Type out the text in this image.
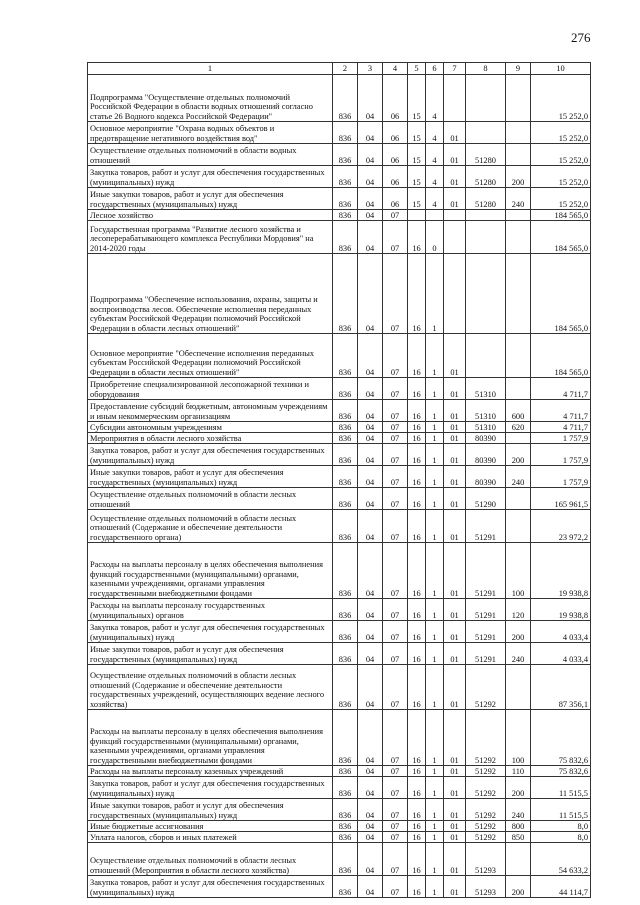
276
1	2	3	4	5	6	7	8	9	10
Подпрограмма "Осуществление отдельных полномочий Российской Федерации в области водных отношений согласно статье 26 Водного кодекса Российской Федерации"	836	04	06	15	4				15 252,0
Основное мероприятие "Охрана водных объектов и предотвращение негативного воздействия вод"	836	04	06	15	4	01			15 252,0
Осуществление отдельных полномочий в области водных отношений	836	04	06	15	4	01	51280		15 252,0
Закупка товаров, работ и услуг для обеспечения государственных (муниципальных) нужд	836	04	06	15	4	01	51280	200	15 252,0
Иные закупки товаров, работ и услуг для обеспечения государственных (муниципальных) нужд	836	04	06	15	4	01	51280	240	15 252,0
Лесное хозяйство	836	04	07						184 565,0
Государственная программа "Развитие лесного хозяйства и лесоперерабатывающего комплекса Республики Мордовия" на 2014-2020 годы	836	04	07	16	0				184 565,0
Подпрограмма "Обеспечение использования, охраны, защиты и воспроизводства лесов. Обеспечение исполнения переданных субъектам Российской Федерации полномочий Российской Федерации в области лесных отношений"	836	04	07	16	1				184 565,0
Основное мероприятие "Обеспечение исполнения переданных субъектам Российской Федерации полномочий Российской Федерации в области лесных отношений"	836	04	07	16	1	01			184 565,0
Приобретение специализированной лесопожарной техники и оборудования	836	04	07	16	1	01	51310		4 711,7
Предоставление субсидий бюджетным, автономным учреждениям и иным некоммерческим организациям	836	04	07	16	1	01	51310	600	4 711,7
Субсидии автономным учреждениям	836	04	07	16	1	01	51310	620	4 711,7
Мероприятия в области лесного хозяйства	836	04	07	16	1	01	80390		1 757,9
Закупка товаров, работ и услуг для обеспечения государственных (муниципальных) нужд	836	04	07	16	1	01	80390	200	1 757,9
Иные закупки товаров, работ и услуг для обеспечения государственных (муниципальных) нужд	836	04	07	16	1	01	80390	240	1 757,9
Осуществление отдельных полномочий в области лесных отношений	836	04	07	16	1	01	51290		165 961,5
Осуществление отдельных полномочий в области лесных отношений (Содержание и обеспечение деятельности государственного органа)	836	04	07	16	1	01	51291		23 972,2
Расходы на выплаты персоналу в целях обеспечения выполнения функций государственными (муниципальными) органами, казенными учреждениями, органами управления государственными внебюджетными фондами	836	04	07	16	1	01	51291	100	19 938,8
Расходы на выплаты персоналу государственных (муниципальных) органов	836	04	07	16	1	01	51291	120	19 938,8
Закупка товаров, работ и услуг для обеспечения государственных (муниципальных) нужд	836	04	07	16	1	01	51291	200	4 033,4
Иные закупки товаров, работ и услуг для обеспечения государственных (муниципальных) нужд	836	04	07	16	1	01	51291	240	4 033,4
Осуществление отдельных полномочий в области лесных отношений (Содержание и обеспечение деятельности государственных учреждений, осуществляющих ведение лесного хозяйства)	836	04	07	16	1	01	51292		87 356,1
Расходы на выплаты персоналу в целях обеспечения выполнения функций государственными (муниципальными) органами, казенными учреждениями, органами управления государственными внебюджетными фондами	836	04	07	16	1	01	51292	100	75 832,6
Расходы на выплаты персоналу казенных учреждений	836	04	07	16	1	01	51292	110	75 832,6
Закупка товаров, работ и услуг для обеспечения государственных (муниципальных) нужд	836	04	07	16	1	01	51292	200	11 515,5
Иные закупки товаров, работ и услуг для обеспечения государственных (муниципальных) нужд	836	04	07	16	1	01	51292	240	11 515,5
Иные бюджетные ассигнования	836	04	07	16	1	01	51292	800	8,0
Уплата налогов, сборов и иных платежей	836	04	07	16	1	01	51292	850	8,0
Осуществление отдельных полномочий в области лесных отношений (Мероприятия в области лесного хозяйства)	836	04	07	16	1	01	51293		54 633,2
Закупка товаров, работ и услуг для обеспечения государственных (муниципальных) нужд	836	04	07	16	1	01	51293	200	44 114,7
